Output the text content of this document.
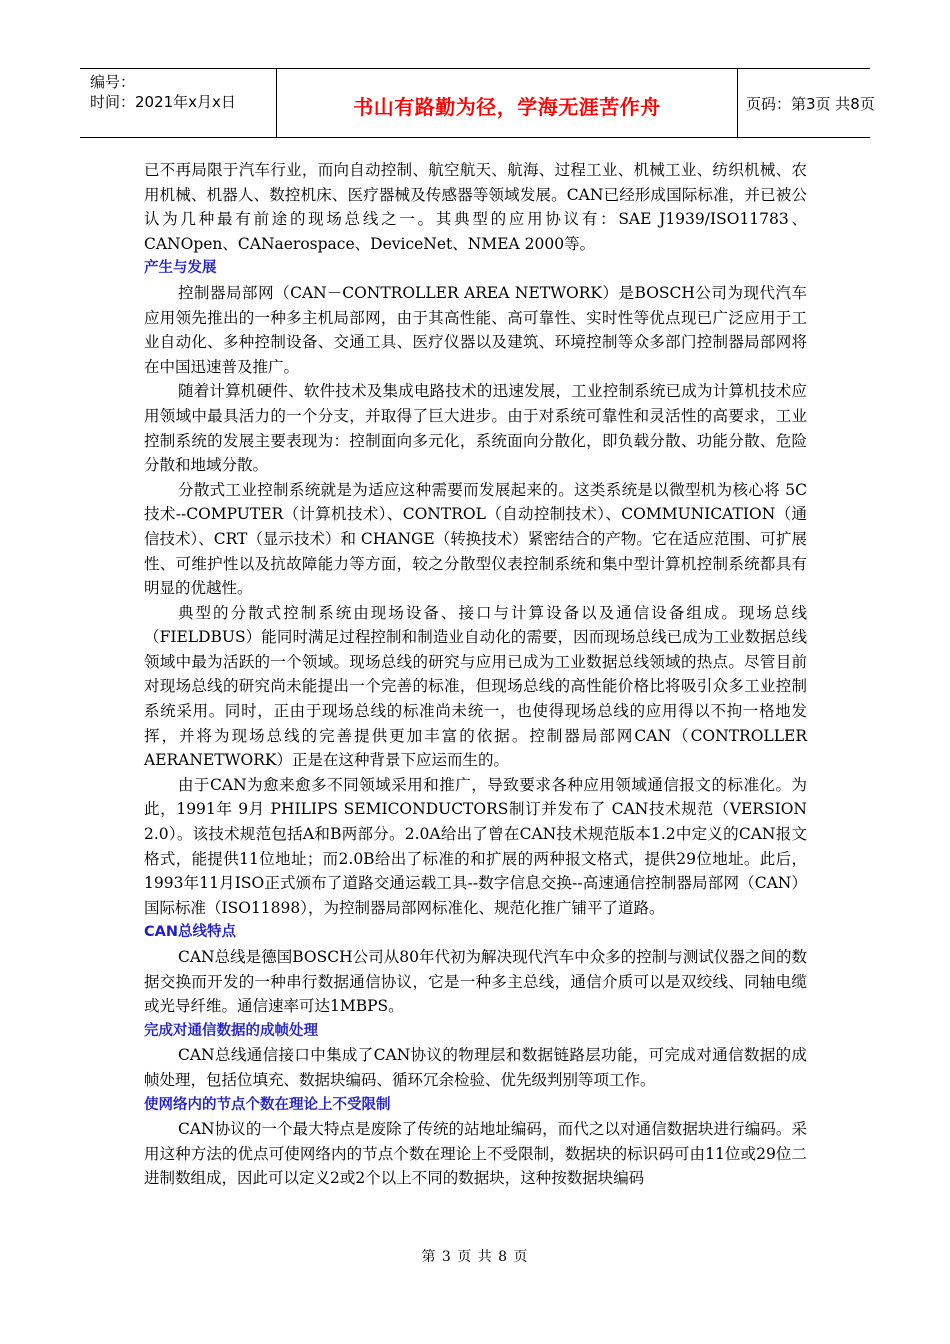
编号：
时间：2021年x月x日	书山有路勤为径，学海无涯苦作舟	页码：第3页 共8页
已不再局限于汽车行业，而向自动控制、航空航天、航海、过程工业、机械工业、纺织机械、农用机械、机器人、数控机床、医疗器械及传感器等领域发展。CAN已经形成国际标准，并已被公认为几种最有前途的现场总线之一。其典型的应用协议有：SAE J1939/ISO11783、CANOpen、CANaerospace、DeviceNet、NMEA 2000等。
产生与发展
控制器局部网（CAN－CONTROLLER AREA NETWORK）是BOSCH公司为现代汽车应用领先推出的一种多主机局部网，由于其高性能、高可靠性、实时性等优点现已广泛应用于工业自动化、多种控制设备、交通工具、医疗仪器以及建筑、环境控制等众多部门控制器局部网将在中国迅速普及推广。
随着计算机硬件、软件技术及集成电路技术的迅速发展，工业控制系统已成为计算机技术应用领域中最具活力的一个分支，并取得了巨大进步。由于对系统可靠性和灵活性的高要求，工业控制系统的发展主要表现为：控制面向多元化，系统面向分散化，即负载分散、功能分散、危险分散和地域分散。
分散式工业控制系统就是为适应这种需要而发展起来的。这类系统是以微型机为核心将 5C 技术--COMPUTER（计算机技术）、CONTROL（自动控制技术）、COMMUNICATION（通信技术）、CRT（显示技术）和 CHANGE（转换技术）紧密结合的产物。它在适应范围、可扩展性、可维护性以及抗故障能力等方面，较之分散型仪表控制系统和集中型计算机控制系统都具有明显的优越性。
典型的分散式控制系统由现场设备、接口与计算设备以及通信设备组成。现场总线（FIELDBUS）能同时满足过程控制和制造业自动化的需要，因而现场总线已成为工业数据总线领域中最为活跃的一个领域。现场总线的研究与应用已成为工业数据总线领域的热点。尽管目前对现场总线的研究尚未能提出一个完善的标准，但现场总线的高性能价格比将吸引众多工业控制系统采用。同时，正由于现场总线的标准尚未统一，也使得现场总线的应用得以不拘一格地发挥，并将为现场总线的完善提供更加丰富的依据。控制器局部网CAN（CONTROLLER AERANETWORK）正是在这种背景下应运而生的。
由于CAN为愈来愈多不同领域采用和推广，导致要求各种应用领域通信报文的标准化。为此，1991年 9月 PHILIPS SEMICONDUCTORS制订并发布了 CAN技术规范（VERSION 2.0）。该技术规范包括A和B两部分。2.0A给出了曾在CAN技术规范版本1.2中定义的CAN报文格式，能提供11位地址；而2.0B给出了标准的和扩展的两种报文格式，提供29位地址。此后，1993年11月ISO正式颁布了道路交通运载工具--数字信息交换--高速通信控制器局部网（CAN）国际标准（ISO11898），为控制器局部网标准化、规范化推广铺平了道路。
CAN总线特点
CAN总线是德国BOSCH公司从80年代初为解决现代汽车中众多的控制与测试仪器之间的数据交换而开发的一种串行数据通信协议，它是一种多主总线，通信介质可以是双绞线、同轴电缆或光导纤维。通信速率可达1MBPS。
完成对通信数据的成帧处理
CAN总线通信接口中集成了CAN协议的物理层和数据链路层功能，可完成对通信数据的成帧处理，包括位填充、数据块编码、循环冗余检验、优先级判别等项工作。
使网络内的节点个数在理论上不受限制
CAN协议的一个最大特点是废除了传统的站地址编码，而代之以对通信数据块进行编码。采用这种方法的优点可使网络内的节点个数在理论上不受限制，数据块的标识码可由11位或29位二进制数组成，因此可以定义2或2个以上不同的数据块，这种按数据块编码
第 3 页 共 8 页
